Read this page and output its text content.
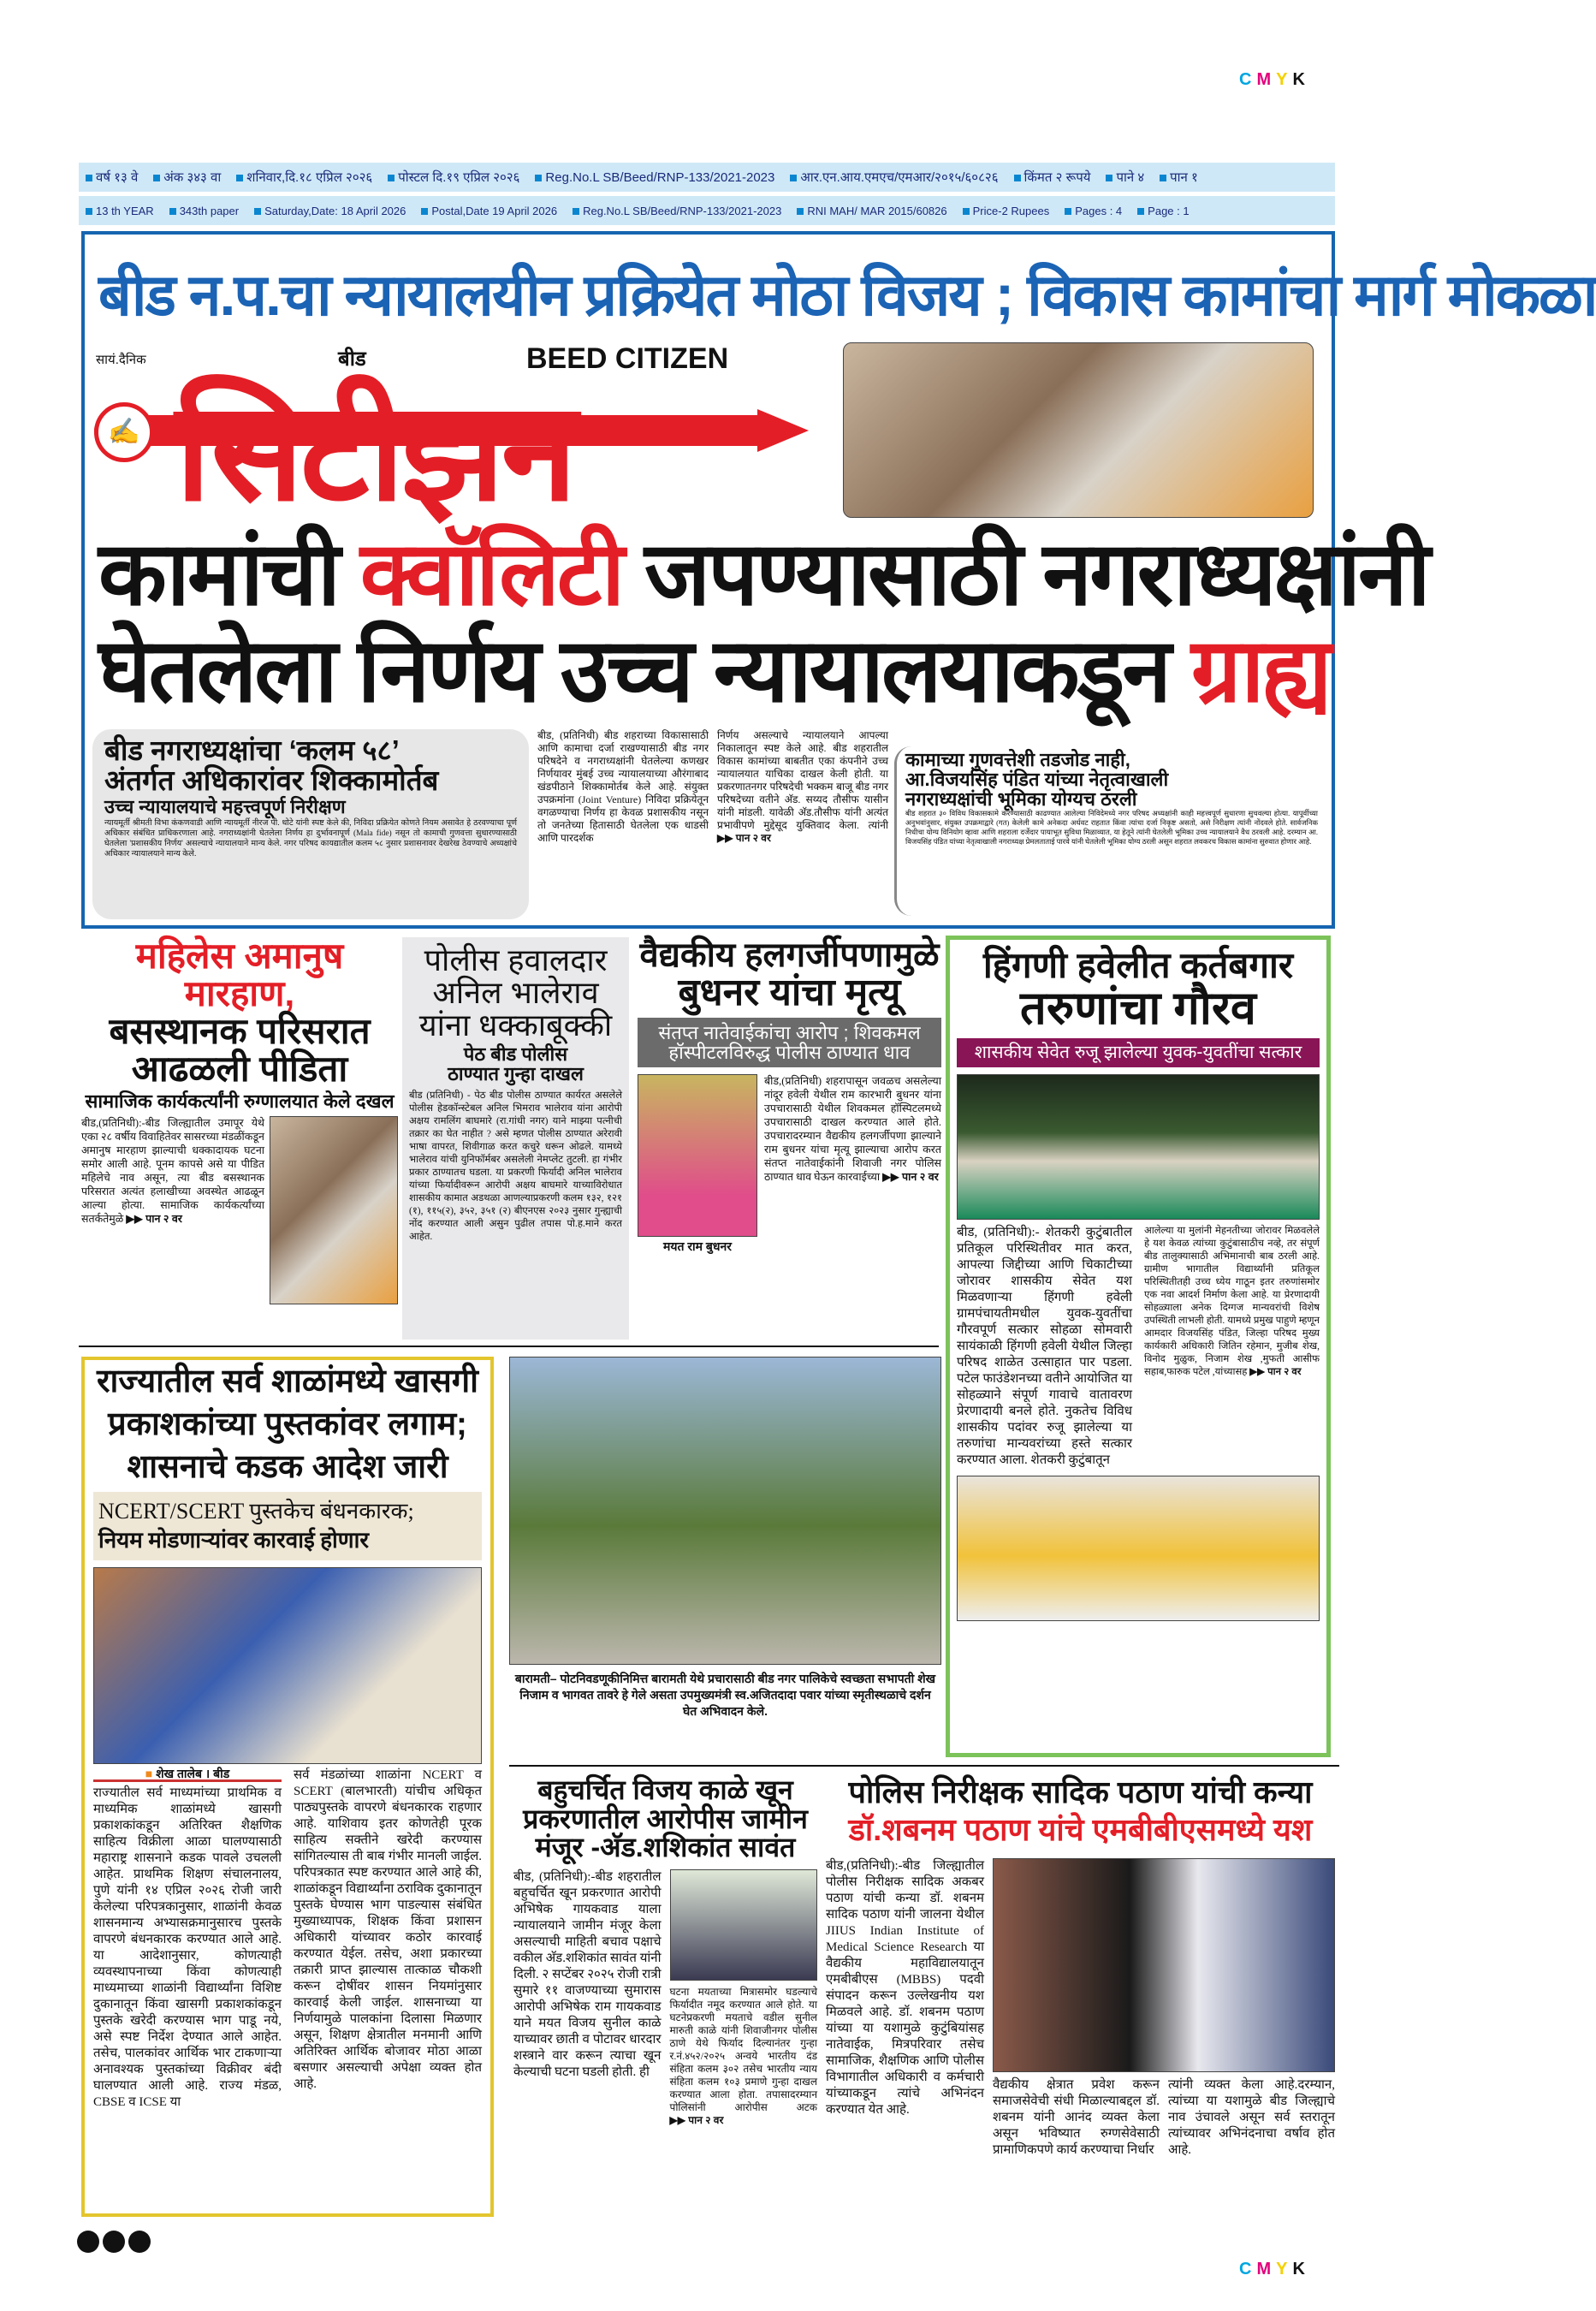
CMYK
वर्ष १३ वे	अंक ३४३ वा	शनिवार,दि.१८ एप्रिल २०२६	पोस्टल दि.१९ एप्रिल २०२६	Reg.No.L SB/Beed/RNP-133/2021-2023	आर.एन.आय.एमएच/एमआर/२०१५/६०८२६	किंमत २ रूपये	पाने ४	पान १
13 th YEAR	343th paper	Saturday,Date: 18 April 2026	Postal,Date 19 April 2026	Reg.No.L SB/Beed/RNP-133/2021-2023	RNI MAH/ MAR 2015/60826	Price-2 Rupees	Pages : 4	Page : 1
बीड न.प.चा न्यायालयीन प्रक्रियेत मोठा विजय ; विकास कामांचा मार्ग मोकळा
✍
सायं.दैनिक	बीड	BEED CITIZEN
सिटीझन
कामांची क्वॉलिटी जपण्यासाठी नगराध्यक्षांनी
घेतलेला निर्णय उच्च न्यायालयाकडून ग्राह्य
बीड नगराध्यक्षांचा ‘कलम ५८’
अंतर्गत अधिकारांवर शिक्कामोर्तब
उच्च न्यायालयाचे महत्त्वपूर्ण निरीक्षण
न्यायमूर्ती श्रीमती विभा कंकणवाडी आणि न्यायमूर्ती नीरज पी. धोटे यांनी स्पष्ट केले की, निविदा प्रक्रियेत कोणते नियम असावेत हे ठरवण्याचा पूर्ण अधिकार संबंधित प्राधिकरणाला आहे. नगराध्यक्षांनी घेतलेला निर्णय हा दुर्भावनापूर्ण (Mala fide) नसून तो कामाची गुणवत्ता सुधारण्यासाठी घेतलेला 'प्रशासकीय निर्णय' असल्याचे न्यायालयाने मान्य केले. नगर परिषद कायद्यातील कलम ५८ नुसार प्रशासनावर देखरेख ठेवण्याचे अध्यक्षांचे अधिकार न्यायालयाने मान्य केले.
बीड, (प्रतिनिधी) बीड शहराच्या विकासासाठी आणि कामाचा दर्जा राखण्यासाठी बीड नगर परिषदेने व नगराध्यक्षांनी घेतलेल्या कणखर निर्णयावर मुंबई उच्च न्यायालयाच्या औरंगाबाद खंडपीठाने शिक्कामोर्तब केले आहे. संयुक्त उपक्रमांना (Joint Venture) निविदा प्रक्रियेतून वगळण्याचा निर्णय हा केवळ प्रशासकीय नसून तो जनतेच्या हितासाठी घेतलेला एक धाडसी आणि पारदर्शक
निर्णय असल्याचे न्यायालयाने आपल्या निकालातून स्पष्ट केले आहे. बीड शहरातील विकास कामांच्या बाबतीत एका कंपनीने उच्च न्यायालयात याचिका दाखल केली होती. या प्रकरणातनगर परिषदेची भक्कम बाजू बीड नगर परिषदेच्या वतीने अ‍ॅड. सय्यद तौसीफ यासीन यांनी मांडली. यावेळी अ‍ॅड.तौसीफ यांनी अत्यंत प्रभावीपणे मुद्देसूद युक्तिवाद केला. त्यांनी ▶▶ पान २ वर
कामाच्या गुणवत्तेशी तडजोड नाही,
आ.विजयसिंह पंडित यांच्या नेतृत्वाखाली
नगराध्यक्षांची भूमिका योग्यच ठरली
बीड शहरात ३० विविध विकासकामे करण्यासाठी काढण्यात आलेल्या निविदेमध्ये नगर परिषद अध्यक्षांनी काही महत्त्वपूर्ण सुधारणा सुचवल्या होत्या. यापूर्वीच्या अनुभवांनुसार, संयुक्त उपक्रमाद्वारे (गत) केलेली कामे अनेकदा अर्धवट राहतात किंवा त्यांचा दर्जा निकृष्ट असतो, असे निरीक्षण त्यांनी नोंदवले होते. सार्वजनिक निधीचा योग्य विनियोग व्हावा आणि शहराला दर्जेदार पायाभूत सुविधा मिळाव्यात, या हेतूने त्यांनी घेतलेली भूमिका उच्च न्यायालयाने वैध ठरवली आहे. दरम्यान आ. विजयसिंह पंडित यांच्या नेतृत्वाखाली नगराध्यक्ष प्रेमलताताई पारवे यांनी घेतलेली भूमिका योग्य ठरली असून शहरात लवकरच विकास कामांना सुरुवात होणार आहे.
महिलेस अमानुष मारहाण,
बसस्थानक परिसरात
आढळली पीडिता
सामाजिक कार्यकर्त्यांनी रुग्णालयात केले दखल
बीड,(प्रतिनिधी):-बीड जिल्ह्यातील उमापूर येथे एका २८ वर्षीय विवाहितेवर सासरच्या मंडळींकडून अमानुष मारहाण झाल्याची धक्कादायक घटना समोर आली आहे. पूनम कापसे असे या पीडित महिलेचे नाव असून, त्या बीड बसस्थानक परिसरात अत्यंत हलाखीच्या अवस्थेत आढळून आल्या होत्या. सामाजिक कार्यकर्त्यांच्या सतर्कतेमुळे ▶▶ पान २ वर
पोलीस हवालदार
अनिल भालेराव
यांना धक्काबूक्की
पेठ बीड पोलीस
ठाण्यात गुन्हा दाखल
बीड (प्रतिनिधी) - पेठ बीड पोलीस ठाण्यात कार्यरत असलेले पोलीस हेडकॉन्स्टेबल अनिल भिमराव भालेराव यांना आरोपी अक्षय रामलिंग बाघमारे (रा.गांधी नगर) याने माझ्या पत्नीची तक्रार का घेत नाहीत ? असे म्हणत पोलीस ठाण्यात अरेरावी भाषा वापरत, शिवीगाळ करत कचुरे धरून ओढले. यामध्ये भालेराव यांची युनिफॉर्मबर असलेली नेमप्लेट तुटली. हा गंभीर प्रकार ठाण्यातच घडला. या प्रकरणी फिर्यादी अनिल भालेराव यांच्या फिर्यादीवरून आरोपी अक्षय बाघमारे याच्याविरोधात शासकीय कामात अडथळा आणल्याप्रकरणी कलम १३२, १२१ (१), ११५(२), ३५२, ३५१ (२) बीएनएस २०२३ नुसार गुन्ह्याची नोंद करण्यात आली असुन पुढील तपास पो.ह.माने करत आहेत.
वैद्यकीय हलगर्जीपणामुळे
बुधनर यांचा मृत्यू
संतप्त नातेवाईकांचा आरोप ; शिवकमल हॉस्पीटलविरुद्ध पोलीस ठाण्यात धाव
मयत राम बुधनर
बीड,(प्रतिनिधी) शहरापासून जवळच असलेल्या नांदूर हवेली येथील राम कारभारी बुधनर यांना उपचारासाठी येथील शिवकमल हॉस्पिटलमध्ये उपचारासाठी दाखल करण्यात आले होते. उपचारादरम्यान वैद्यकीय हलगर्जीपणा झाल्याने राम बुधनर यांचा मृत्यू झाल्याचा आरोप करत संतप्त नातेवाईकांनी शिवाजी नगर पोलिस ठाण्यात धाव घेऊन कारवाईच्या ▶▶ पान २ वर
हिंगणी हवेलीत कर्तबगार
तरुणांचा गौरव
शासकीय सेवेत रुजू झालेल्या युवक-युवतींचा सत्कार
बीड, (प्रतिनिधी):- शेतकरी कुटुंबातील प्रतिकूल परिस्थितीवर मात करत, आपल्या जिद्दीच्या आणि चिकाटीच्या जोरावर शासकीय सेवेत यश मिळवणाऱ्या हिंगणी हवेली ग्रामपंचायतीमधील युवक-युवतींचा गौरवपूर्ण सत्कार सोहळा सोमवारी सायंकाळी हिंगणी हवेली येथील जिल्हा परिषद शाळेत उत्साहात पार पडला. पटेल फाउंडेशनच्या वतीने आयोजित या सोहळ्याने संपूर्ण गावाचे वातावरण प्रेरणादायी बनले होते. नुकतेच विविध शासकीय पदांवर रुजू झालेल्या या तरुणांचा मान्यवरांच्या हस्ते सत्कार करण्यात आला. शेतकरी कुटुंबातून
आलेल्या या मुलांनी मेहनतीच्या जोरावर मिळवलेले हे यश केवळ त्यांच्या कुटुंबासाठीच नव्हे, तर संपूर्ण बीड तालुक्यासाठी अभिमानाची बाब ठरली आहे. ग्रामीण भागातील विद्यार्थ्यांनी प्रतिकूल परिस्थितीतही उच्च ध्येय गाठून इतर तरुणांसमोर एक नवा आदर्श निर्माण केला आहे. या प्रेरणादायी सोहळ्याला अनेक दिग्गज मान्यवरांची विशेष उपस्थिती लाभली होती. यामध्ये प्रमुख पाहुणे म्हणून आमदार विजयसिंह पंडित, जिल्हा परिषद मुख्य कार्यकारी अधिकारी जितिन रहेमान, मुजीब शेख, विनोद मुळुक, निजाम शेख ,मुफती आसीफ सहाब,फारुक पटेल ,यांच्यासह ▶▶ पान २ वर
राज्यातील सर्व शाळांमध्ये खासगी
प्रकाशकांच्या पुस्तकांवर लगाम;
शासनाचे कडक आदेश जारी
NCERT/SCERT पुस्तकेच बंधनकारक;
नियम मोडणाऱ्यांवर कारवाई होणार
■ शेख तालेब । बीड
राज्यातील सर्व माध्यमांच्या प्राथमिक व माध्यमिक शाळांमध्ये खासगी प्रकाशकांकडून अतिरिक्त शैक्षणिक साहित्य विक्रीला आळा घालण्यासाठी महाराष्ट्र शासनाने कडक पावले उचलली आहेत. प्राथमिक शिक्षण संचालनालय, पुणे यांनी १४ एप्रिल २०२६ रोजी जारी केलेल्या परिपत्रकानुसार, शाळांनी केवळ शासनमान्य अभ्यासक्रमानुसारच पुस्तके वापरणे बंधनकारक करण्यात आले आहे. या आदेशानुसार, कोणत्याही व्यवस्थापनाच्या किंवा कोणत्याही माध्यमाच्या शाळांनी विद्यार्थ्यांना विशिष्ट दुकानातून किंवा खासगी प्रकाशकांकडून पुस्तके खरेदी करण्यास भाग पाडू नये, असे स्पष्ट निर्देश देण्यात आले आहेत. तसेच, पालकांवर आर्थिक भार टाकणाऱ्या अनावश्यक पुस्तकांच्या विक्रीवर बंदी घालण्यात आली आहे. राज्य मंडळ, CBSE व ICSE या
सर्व मंडळांच्या शाळांना NCERT व SCERT (बालभारती) यांचीच अधिकृत पाठ्यपुस्तके वापरणे बंधनकारक राहणार आहे. याशिवाय इतर कोणतेही पूरक साहित्य सक्तीने खरेदी करण्यास सांगितल्यास ती बाब गंभीर मानली जाईल. परिपत्रकात स्पष्ट करण्यात आले आहे की, शाळांकडून विद्यार्थ्यांना ठराविक दुकानातून पुस्तके घेण्यास भाग पाडल्यास संबंधित मुख्याध्यापक, शिक्षक किंवा प्रशासन अधिकारी यांच्यावर कठोर कारवाई करण्यात येईल. तसेच, अशा प्रकारच्या तक्रारी प्राप्त झाल्यास तात्काळ चौकशी करून दोषींवर शासन नियमांनुसार कारवाई केली जाईल. शासनाच्या या निर्णयामुळे पालकांना दिलासा मिळणार असून, शिक्षण क्षेत्रातील मनमानी आणि अतिरिक्त आर्थिक बोजावर मोठा आळा बसणार असल्याची अपेक्षा व्यक्त होत आहे.
बारामती– पोटनिवडणूकीनिमित्त बारामती येथे प्रचारासाठी बीड नगर पालिकेचे स्वच्छता सभापती शेख निजाम व भागवत तावरे हे गेले असता उपमुख्यमंत्री स्व.अजितदादा पवार यांच्या स्मृतीस्थळाचे दर्शन घेत अभिवादन केले.
बहुचर्चित विजय काळे खून
प्रकरणातील आरोपीस जामीन
मंजूर -अ‍ॅड.शशिकांत सावंत
बीड, (प्रतिनिधी):-बीड शहरातील बहुचर्चित खून प्रकरणात आरोपी अभिषेक गायकवाड याला न्यायालयाने जामीन मंजूर केला असल्याची माहिती बचाव पक्षाचे वकील अ‍ॅड.शशिकांत सावंत यांनी दिली. २ सप्टेंबर २०२५ रोजी रात्री सुमारे ११ वाजण्याच्या सुमारास आरोपी अभिषेक राम गायकवाड याने मयत विजय सुनील काळे याच्यावर छाती व पोटावर धारदार शस्त्राने वार करून त्याचा खून केल्याची घटना घडली होती. ही
घटना मयताच्या मित्रासमोर घडल्याचे फिर्यादीत नमूद करण्यात आले होते. या घटनेप्रकरणी मयताचे वडील सुनील मारुती काळे यांनी शिवाजीनगर पोलीस ठाणे येथे फिर्याद दिल्यानंतर गुन्हा र.नं.४५२/२०२५ अन्वये भारतीय दंड संहिता कलम ३०२ तसेच भारतीय न्याय संहिता कलम १०३ प्रमाणे गुन्हा दाखल करण्यात आला होता. तपासादरम्यान पोलिसांनी आरोपीस अटक ▶▶ पान २ वर
पोलिस निरीक्षक सादिक पठाण यांची कन्या
डॉ.शबनम पठाण यांचे एमबीबीएसमध्ये यश
बीड,(प्रतिनिधी):-बीड जिल्ह्यातील पोलीस निरीक्षक सादिक अकबर पठाण यांची कन्या डॉ. शबनम सादिक पठाण यांनी जालना येथील JIIUS Indian Institute of Medical Science Research या वैद्यकीय महाविद्यालयातून एमबीबीएस (MBBS) पदवी संपादन करून उल्लेखनीय यश मिळवले आहे. डॉ. शबनम पठाण यांच्या या यशामुळे कुटुंबियांसह नातेवाईक, मित्रपरिवार तसेच सामाजिक, शैक्षणिक आणि पोलीस विभागातील अधिकारी व कर्मचारी यांच्याकडून त्यांचे अभिनंदन करण्यात येत आहे.
वैद्यकीय क्षेत्रात प्रवेश करून समाजसेवेची संधी मिळाल्याबद्दल डॉ. शबनम यांनी आनंद व्यक्त केला असून भविष्यात रुग्णसेवेसाठी प्रामाणिकपणे कार्य करण्याचा निर्धार
त्यांनी व्यक्त केला आहे.दरम्यान, त्यांच्या या यशामुळे बीड जिल्ह्याचे नाव उंचावले असून सर्व स्तरातून त्यांच्यावर अभिनंदनाचा वर्षाव होत आहे.
CMYK
